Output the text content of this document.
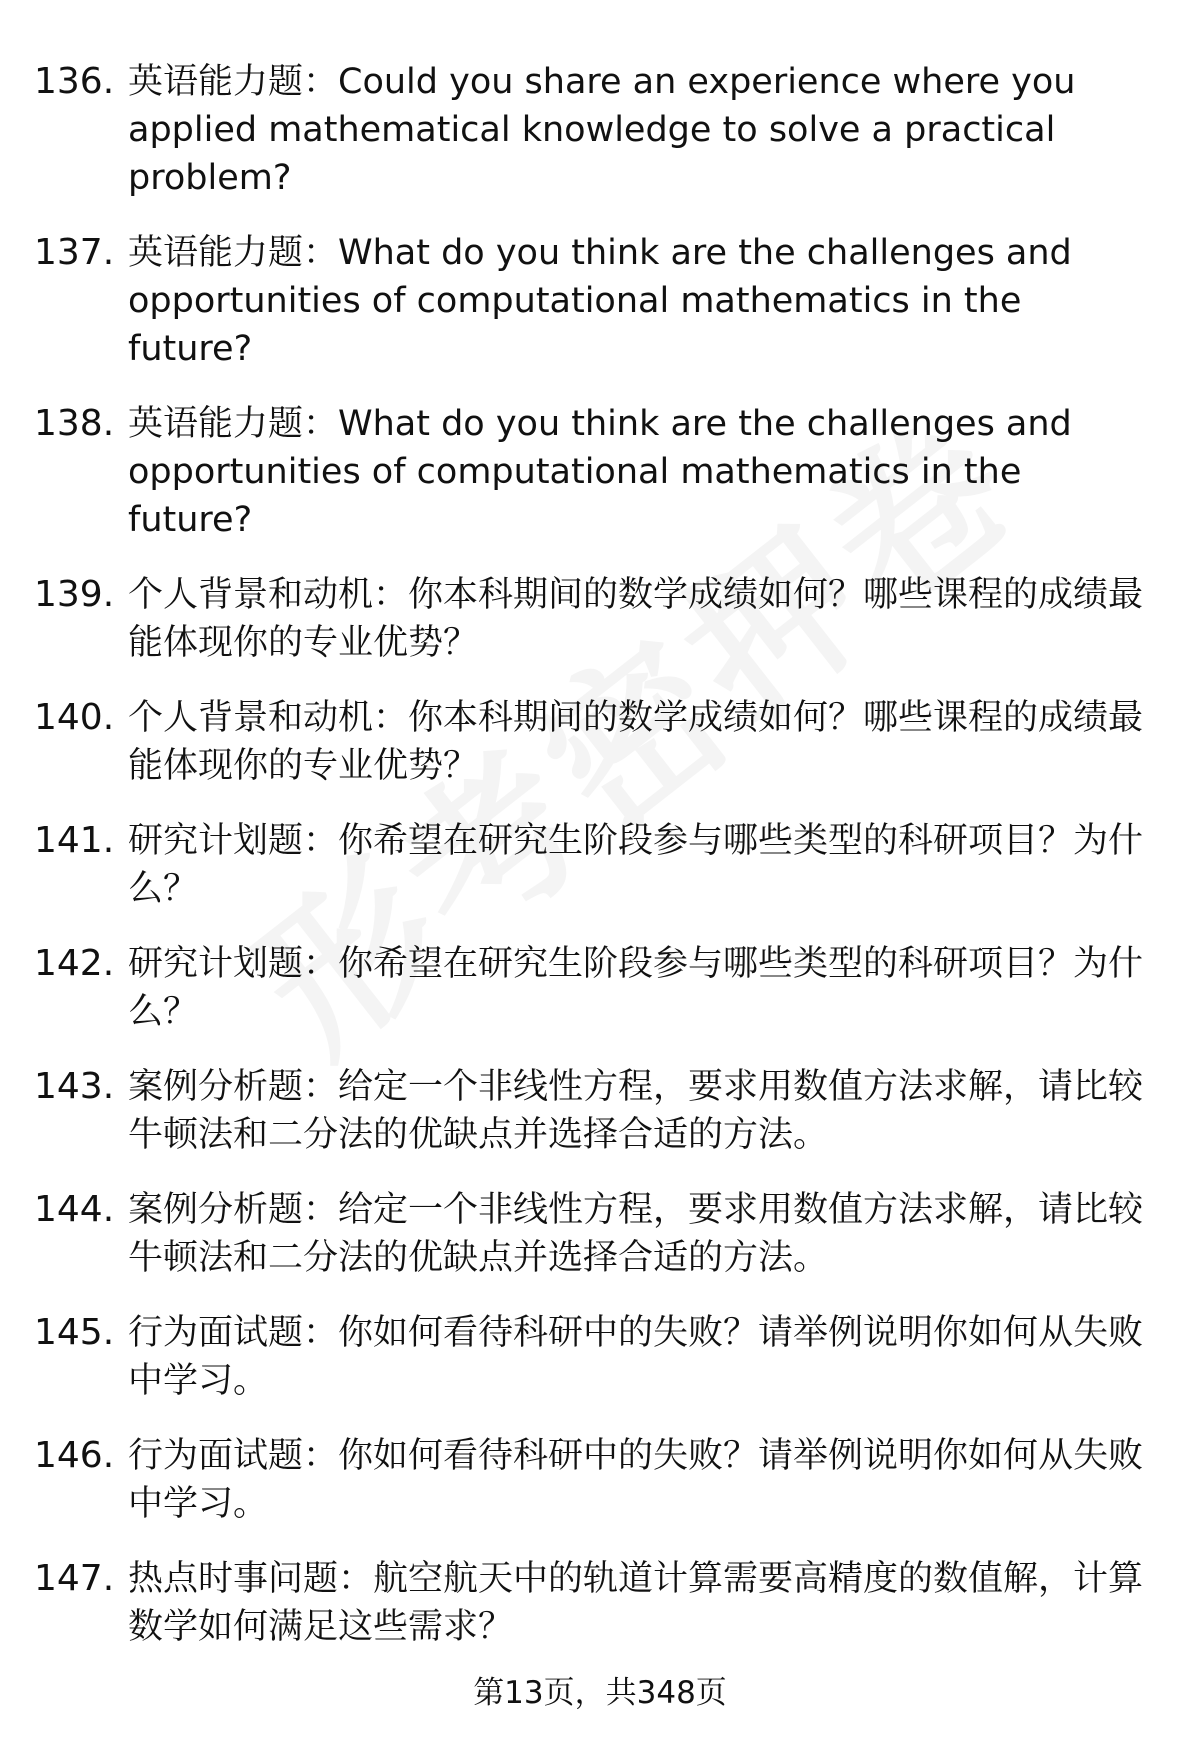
136. 英语能力题：Could you share an experience where you applied mathematical knowledge to solve a practical problem?
137. 英语能力题：What do you think are the challenges and opportunities of computational mathematics in the future?
138. 英语能力题：What do you think are the challenges and opportunities of computational mathematics in the future?
139. 个人背景和动机：你本科期间的数学成绩如何？哪些课程的成绩最能体现你的专业优势？
140. 个人背景和动机：你本科期间的数学成绩如何？哪些课程的成绩最能体现你的专业优势？
141. 研究计划题：你希望在研究生阶段参与哪些类型的科研项目？为什么？
142. 研究计划题：你希望在研究生阶段参与哪些类型的科研项目？为什么？
143. 案例分析题：给定一个非线性方程，要求用数值方法求解，请比较牛顿法和二分法的优缺点并选择合适的方法。
144. 案例分析题：给定一个非线性方程，要求用数值方法求解，请比较牛顿法和二分法的优缺点并选择合适的方法。
145. 行为面试题：你如何看待科研中的失败？请举例说明你如何从失败中学习。
146. 行为面试题：你如何看待科研中的失败？请举例说明你如何从失败中学习。
147. 热点时事问题：航空航天中的轨道计算需要高精度的数值解，计算数学如何满足这些需求？
第13页，共348页
